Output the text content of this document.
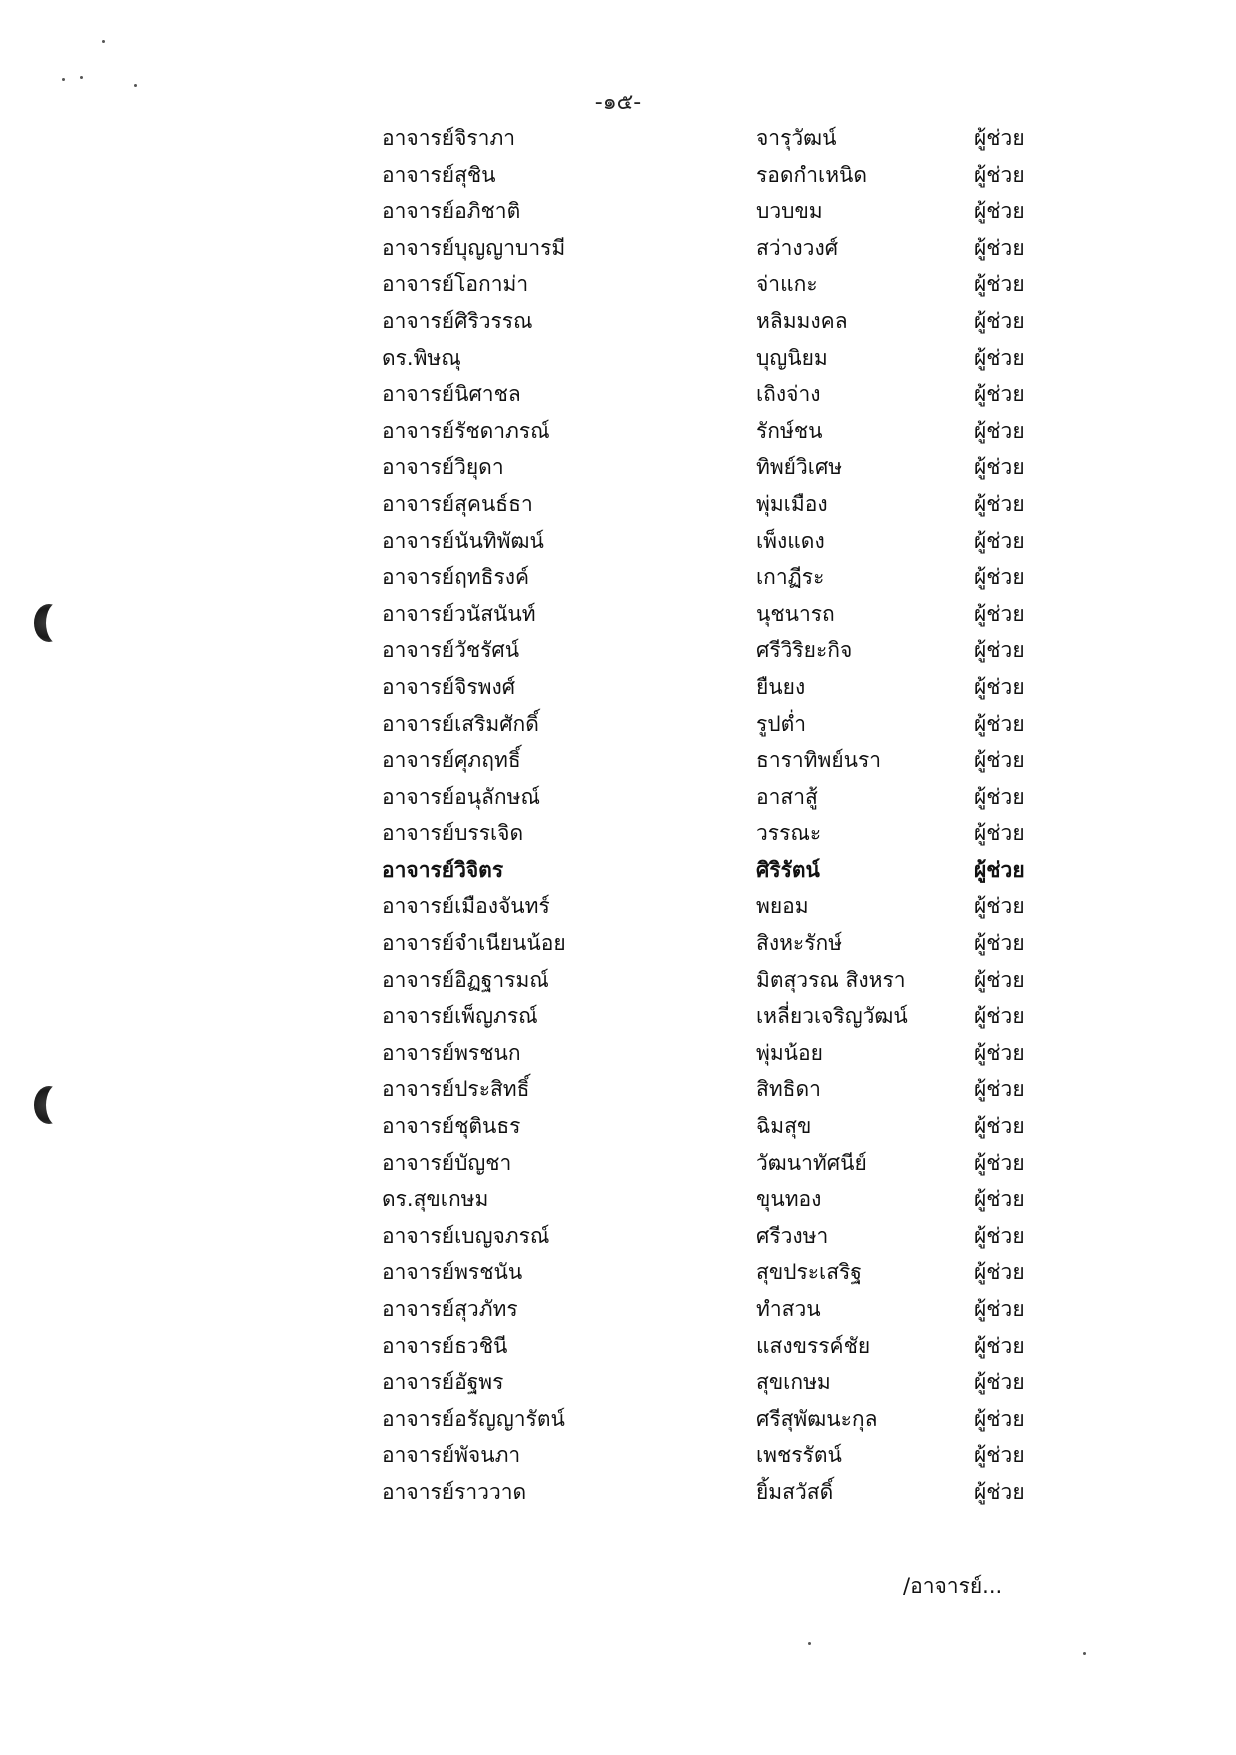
-๑๕-
อาจารย์จิราภา	จารุวัฒน์	ผู้ช่วย
อาจารย์สุชิน	รอดกำเหนิด	ผู้ช่วย
อาจารย์อภิชาติ	บวบขม	ผู้ช่วย
อาจารย์บุญญาบารมี	สว่างวงศ์	ผู้ช่วย
อาจารย์โอกาม่า	จ่าแกะ	ผู้ช่วย
อาจารย์ศิริวรรณ	หลิมมงคล	ผู้ช่วย
ดร.พิษณุ	บุญนิยม	ผู้ช่วย
อาจารย์นิศาชล	เถิงจ่าง	ผู้ช่วย
อาจารย์รัชดาภรณ์	รักษ์ชน	ผู้ช่วย
อาจารย์วิยุดา	ทิพย์วิเศษ	ผู้ช่วย
อาจารย์สุคนธ์ธา	พุ่มเมือง	ผู้ช่วย
อาจารย์นันทิพัฒน์	เพ็งแดง	ผู้ช่วย
อาจารย์ฤทธิรงค์	เกาฏีระ	ผู้ช่วย
อาจารย์วนัสนันท์	นุชนารถ	ผู้ช่วย
อาจารย์วัชรัศน์	ศรีวิริยะกิจ	ผู้ช่วย
อาจารย์จิรพงศ์	ยืนยง	ผู้ช่วย
อาจารย์เสริมศักดิ์	รูปต่ำ	ผู้ช่วย
อาจารย์ศุภฤทธิ์	ธาราทิพย์นรา	ผู้ช่วย
อาจารย์อนุลักษณ์	อาสาสู้	ผู้ช่วย
อาจารย์บรรเจิด	วรรณะ	ผู้ช่วย
อาจารย์วิจิตร	ศิริรัตน์	ผู้ช่วย
อาจารย์เมืองจันทร์	พยอม	ผู้ช่วย
อาจารย์จำเนียนน้อย	สิงหะรักษ์	ผู้ช่วย
อาจารย์อิฏฐารมณ์	มิตสุวรณ สิงหรา	ผู้ช่วย
อาจารย์เพ็ญภรณ์	เหลี่ยวเจริญวัฒน์	ผู้ช่วย
อาจารย์พรชนก	พุ่มน้อย	ผู้ช่วย
อาจารย์ประสิทธิ์	สิทธิดา	ผู้ช่วย
อาจารย์ชุตินธร	ฉิมสุข	ผู้ช่วย
อาจารย์บัญชา	วัฒนาทัศนีย์	ผู้ช่วย
ดร.สุขเกษม	ขุนทอง	ผู้ช่วย
อาจารย์เบญจภรณ์	ศรีวงษา	ผู้ช่วย
อาจารย์พรชนัน	สุขประเสริฐ	ผู้ช่วย
อาจารย์สุวภัทร	ทำสวน	ผู้ช่วย
อาจารย์ธวชินี	แสงขรรค์ชัย	ผู้ช่วย
อาจารย์อัฐพร	สุขเกษม	ผู้ช่วย
อาจารย์อรัญญารัตน์	ศรีสุพัฒนะกุล	ผู้ช่วย
อาจารย์พัจนภา	เพชรรัตน์	ผู้ช่วย
อาจารย์ราววาด	ยิ้มสวัสดิ์	ผู้ช่วย
/อาจารย์...
